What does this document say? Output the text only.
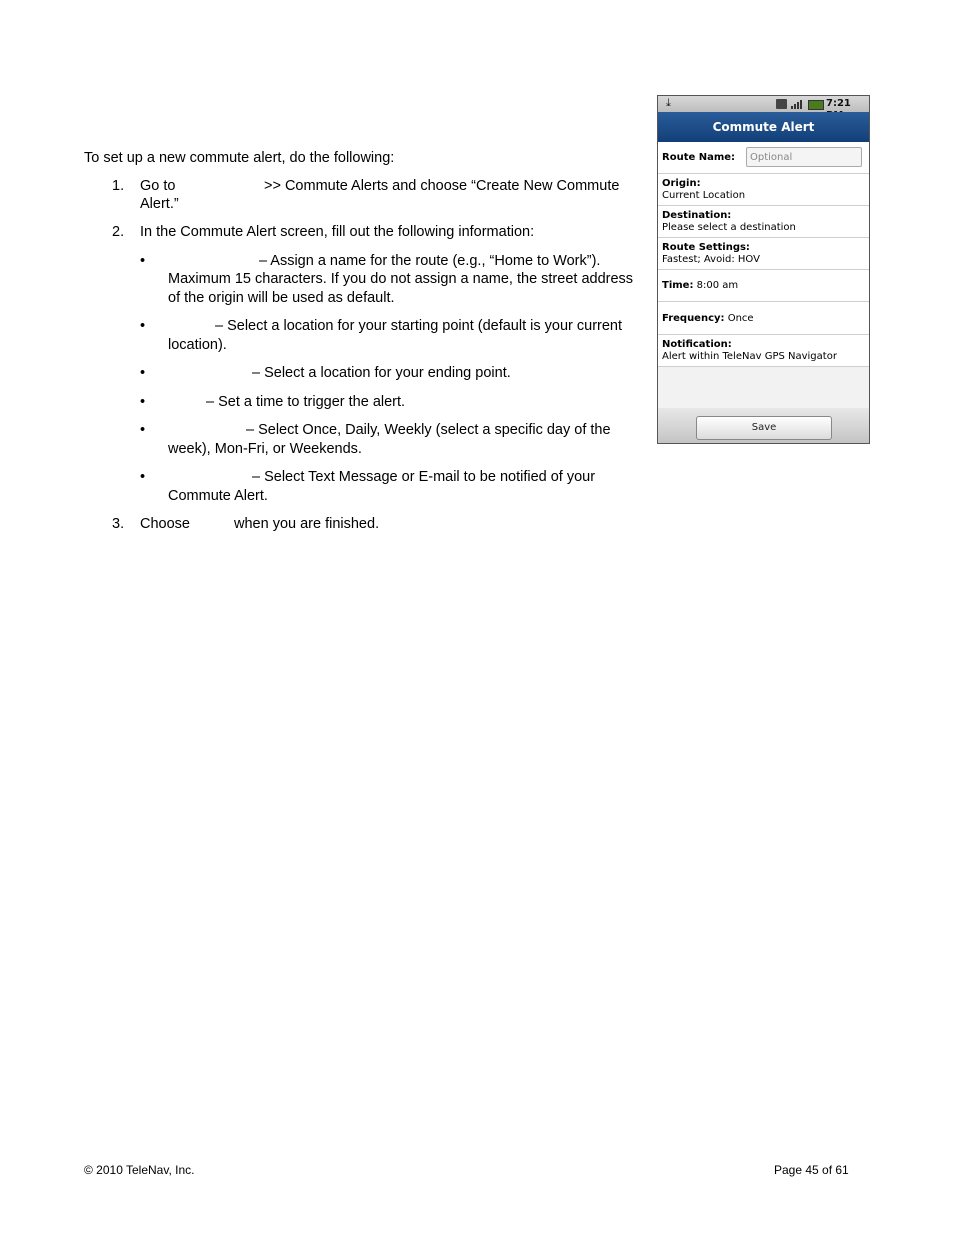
To set up a new commute alert, do the following:
1. Go to	>> Commute Alerts and choose “Create New Commute
Alert.”
2. In the Commute Alert screen, fill out the following information:
•	– Assign a name for the route (e.g., “Home to Work”).
Maximum 15 characters. If you do not assign a name, the street address
of the origin will be used as default.
•	– Select a location for your starting point (default is your current
location).
•	– Select a location for your ending point.
•	– Set a time to trigger the alert.
•	– Select Once, Daily, Weekly (select a specific day of the
week), Mon-Fri, or Weekends.
•	– Select Text Message or E-mail to be notified of your
Commute Alert.
3. Choose	when you are finished.
⤓	7:21
Commute Alert
Route Name:	Optional
Origin:
Current Location
Destination:
Please select a destination
Route Settings:
Fastest; Avoid: HOV
Time: 8:00 am
Frequency: Once
Notification:
Alert within TeleNav GPS Navigator
Save
© 2010 TeleNav, Inc.	Page 45 of 61
